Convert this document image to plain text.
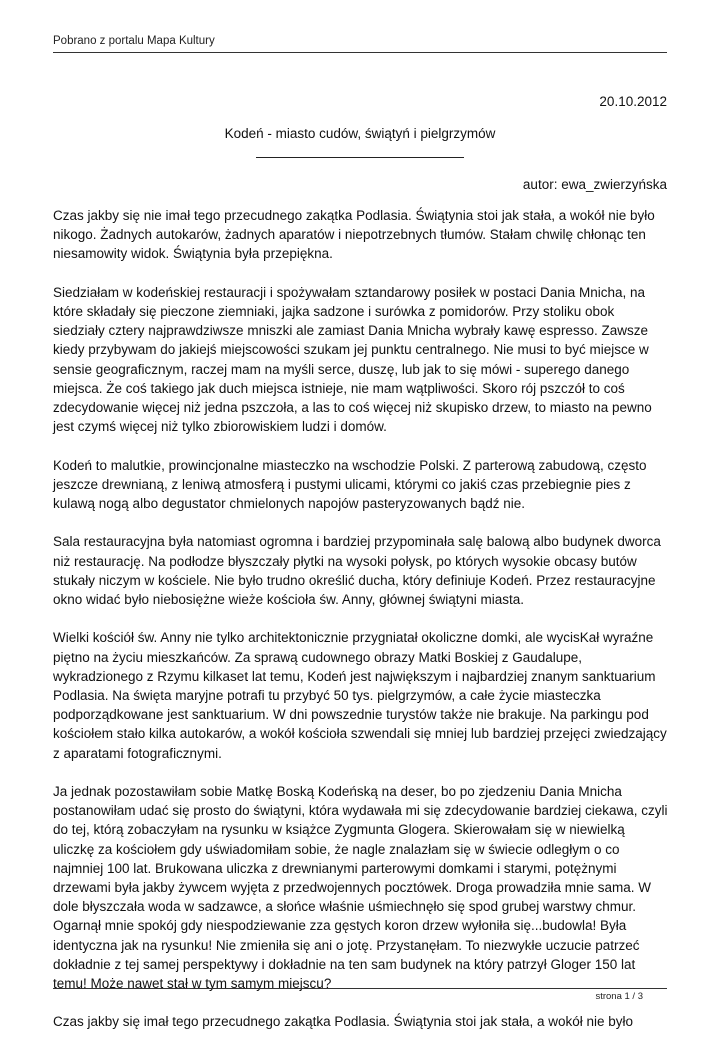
Pobrano z portalu Mapa Kultury
20.10.2012
Kodeń - miasto cudów, świątyń i pielgrzymów
autor: ewa_zwierzyńska

Czas jakby się nie imał tego przecudnego zakątka Podlasia. Świątynia stoi jak stała, a wokół nie było nikogo. Żadnych autokarów, żadnych aparatów i niepotrzebnych tłumów. Stałam chwilę chłonąc ten niesamowity widok. Świątynia była przepiękna.

Siedziałam w kodeńskiej restauracji i spożywałam sztandarowy posiłek w postaci Dania Mnicha, na które składały się pieczone ziemniaki, jajka sadzone i surówka z pomidorów. Przy stoliku obok siedziały cztery najprawdziwsze mniszki ale zamiast Dania Mnicha wybrały kawę espresso. Zawsze kiedy przybywam do jakiejś miejscowości szukam jej punktu centralnego. Nie musi to być miejsce w sensie geograficznym, raczej mam na myśli serce, duszę, lub jak to się mówi - superego danego miejsca. Że coś takiego jak duch miejsca istnieje, nie mam wątpliwości. Skoro rój pszczół to coś zdecydowanie więcej niż jedna pszczoła, a las to coś więcej niż skupisko drzew, to miasto na pewno jest czymś więcej niż tylko zbiorowiskiem ludzi i domów.

Kodeń to malutkie, prowincjonalne miasteczko na wschodzie Polski. Z parterową zabudową, często jeszcze drewnianą, z leniwą atmosferą i pustymi ulicami, którymi co jakiś czas przebiegnie pies z kulawą nogą albo degustator chmielonych napojów pasteryzowanych bądź nie.

Sala restauracyjna była natomiast ogromna i bardziej przypominała salę balową albo budynek dworca niż restaurację. Na podłodze błyszczały płytki na wysoki połysk, po których wysokie obcasy butów stukały niczym w kościele. Nie było trudno określić ducha, który definiuje Kodeń. Przez restauracyjne okno widać było niebosiężne wieże kościoła św. Anny, głównej świątyni miasta.

Wielki kościół św. Anny nie tylko architektonicznie przygniatał okoliczne domki, ale wycisKał wyraźne piętno na życiu mieszkańców. Za sprawą cudownego obrazy Matki Boskiej z Gaudalupe, wykradzionego z Rzymu kilkaset lat temu, Kodeń jest największym i najbardziej znanym sanktuarium Podlasia. Na święta maryjne potrafi tu przybyć 50 tys. pielgrzymów, a całe życie miasteczka podporządkowane jest sanktuarium. W dni powszednie turystów także nie brakuje. Na parkingu pod kościołem stało kilka autokarów, a wokół kościoła szwendali się mniej lub bardziej przejęci zwiedzający z aparatami fotograficznymi.

Ja jednak pozostawiłam sobie Matkę Boską Kodeńską na deser, bo po zjedzeniu Dania Mnicha postanowiłam udać się prosto do świątyni, która wydawała mi się zdecydowanie bardziej ciekawa, czyli do tej, którą zobaczyłam na rysunku w książce Zygmunta Glogera. Skierowałam się w niewielką uliczkę za kościołem gdy uświadomiłam sobie, że nagle znalazłam się w świecie odległym o co najmniej 100 lat. Brukowana uliczka z drewnianymi parterowymi domkami i starymi, potężnymi drzewami była jakby żywcem wyjęta z przedwojennych pocztówek. Droga prowadziła mnie sama. W dole błyszczała woda w sadzawce, a słońce właśnie uśmiechnęło się spod grubej warstwy chmur. Ogarnął mnie spokój gdy niespodziewanie zza gęstych koron drzew wyłoniła się...budowla! Była identyczna jak na rysunku! Nie zmieniła się ani o jotę. Przystanęłam. To niezwykłe uczucie patrzeć dokładnie z tej samej perspektywy i dokładnie na ten sam budynek na który patrzył Gloger 150 lat temu! Może nawet stał w tym samym miejscu?

Czas jakby się imał tego przecudnego zakątka Podlasia. Świątynia stoi jak stała, a wokół nie było

strona 1 / 3
